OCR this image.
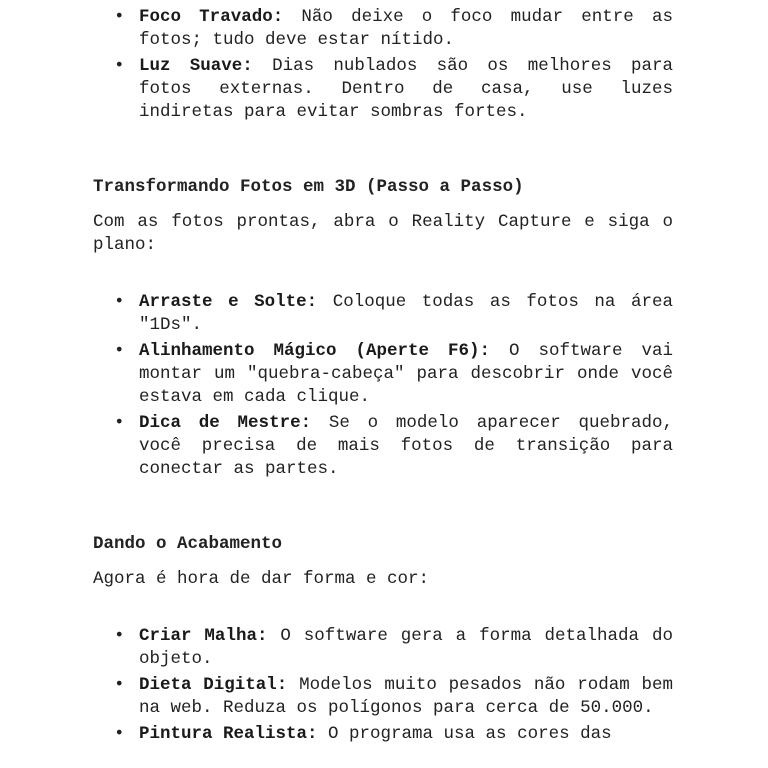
• Foco Travado: Não deixe o foco mudar entre as fotos; tudo deve estar nítido.
• Luz Suave: Dias nublados são os melhores para fotos externas. Dentro de casa, use luzes indiretas para evitar sombras fortes.
Transformando Fotos em 3D (Passo a Passo)

Com as fotos prontas, abra o Reality Capture e siga o plano:

• Arraste e Solte: Coloque todas as fotos na área "1Ds".
• Alinhamento Mágico (Aperte F6): O software vai montar um "quebra-cabeça" para descobrir onde você estava em cada clique.
• Dica de Mestre: Se o modelo aparecer quebrado, você precisa de mais fotos de transição para conectar as partes.
Dando o Acabamento

Agora é hora de dar forma e cor:

• Criar Malha: O software gera a forma detalhada do objeto.
• Dieta Digital: Modelos muito pesados não rodam bem na web. Reduza os polígonos para cerca de 50.000.
• Pintura Realista: O programa usa as cores das
